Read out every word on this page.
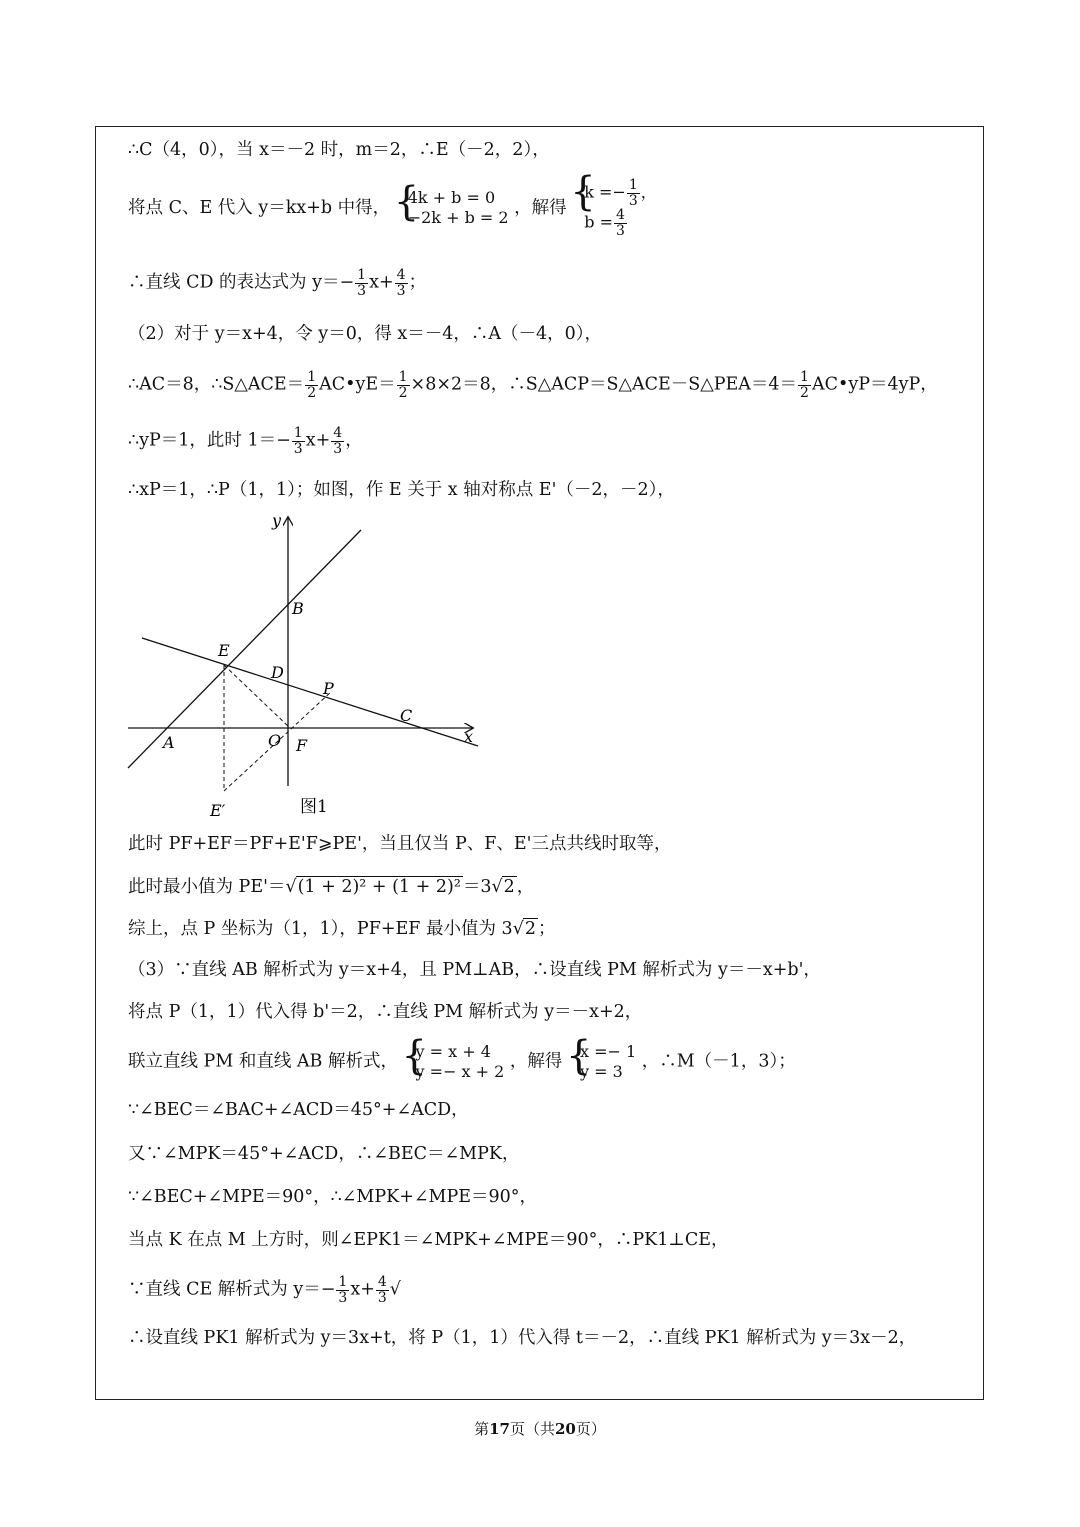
∴C（4，0），当 x＝－2 时，m＝2，∴E（－2，2），
将点 C、E 代入 y＝kx+b 中得， { 4k + b = 0
−2k + b = 2 ，解得
{ $k =- \frac{1}{3}$ ，
$b = \frac{4}{3}$
∴直线 CD 的表达式为 $y=- \frac{1}{3} x+ \frac{4}{3}$ ；
（2）对于 y＝x+4，令 y＝0，得 x＝－4，∴A（－4，0），
∴AC＝8，∴S△ACE＝ $\frac{1}{2}$ AC•yE＝ $\frac{1}{2} \times 8\times 2=8$，∴S△ACP＝S△ACE－S△PEA＝4＝ $\frac{1}{2}$ AC•yP＝4yP，
∴yP＝1，此时 $1=- \frac{1}{3} x+ \frac{4}{3}$ ，
∴xP＝1，∴P（1，1）；如图，作 E 关于 x 轴对称点 E'（－2，－2），
y
x
B
E
D
P
C
A	O F
E′	图1
此时 PF+EF＝PF+E'F⩾PE'，当且仅当 P、F、E'三点共线时取等，
此时最小值为 PE'＝√(1 + 2)² + (1 + 2)² ＝3√2 ，
综上，点 P 坐标为（1，1），PF+EF 最小值为 3√2 ；
（3）∵直线 AB 解析式为 y＝x+4，且 PM⊥AB，∴设直线 PM 解析式为 y＝－x+b'，
将点 P（1，1）代入得 b'＝2，∴直线 PM 解析式为 y＝－x+2，
联立直线 PM 和直线 AB 解析式， { y = x + 4
y =− x + 2 ，解得 { x =− 1
y = 3	，∴M（－1，3）；
∵∠BEC＝∠BAC+∠ACD＝45°+∠ACD，
又∵∠MPK＝45°+∠ACD，∴∠BEC＝∠MPK，
∵∠BEC+∠MPE＝90°，∴∠MPK+∠MPE＝90°，
当点 K 在点 M 上方时，则∠EPK1＝∠MPK+∠MPE＝90°，∴PK1⊥CE，
∵直线 CE 解析式为 $y=- \frac{1}{3} x+ \frac{4}{3}$ √
∴设直线 PK1 解析式为 y＝3x+t，将 P（1，1）代入得 t＝－2，∴直线 PK1 解析式为 y＝3x－2，
第17页（共20页）
